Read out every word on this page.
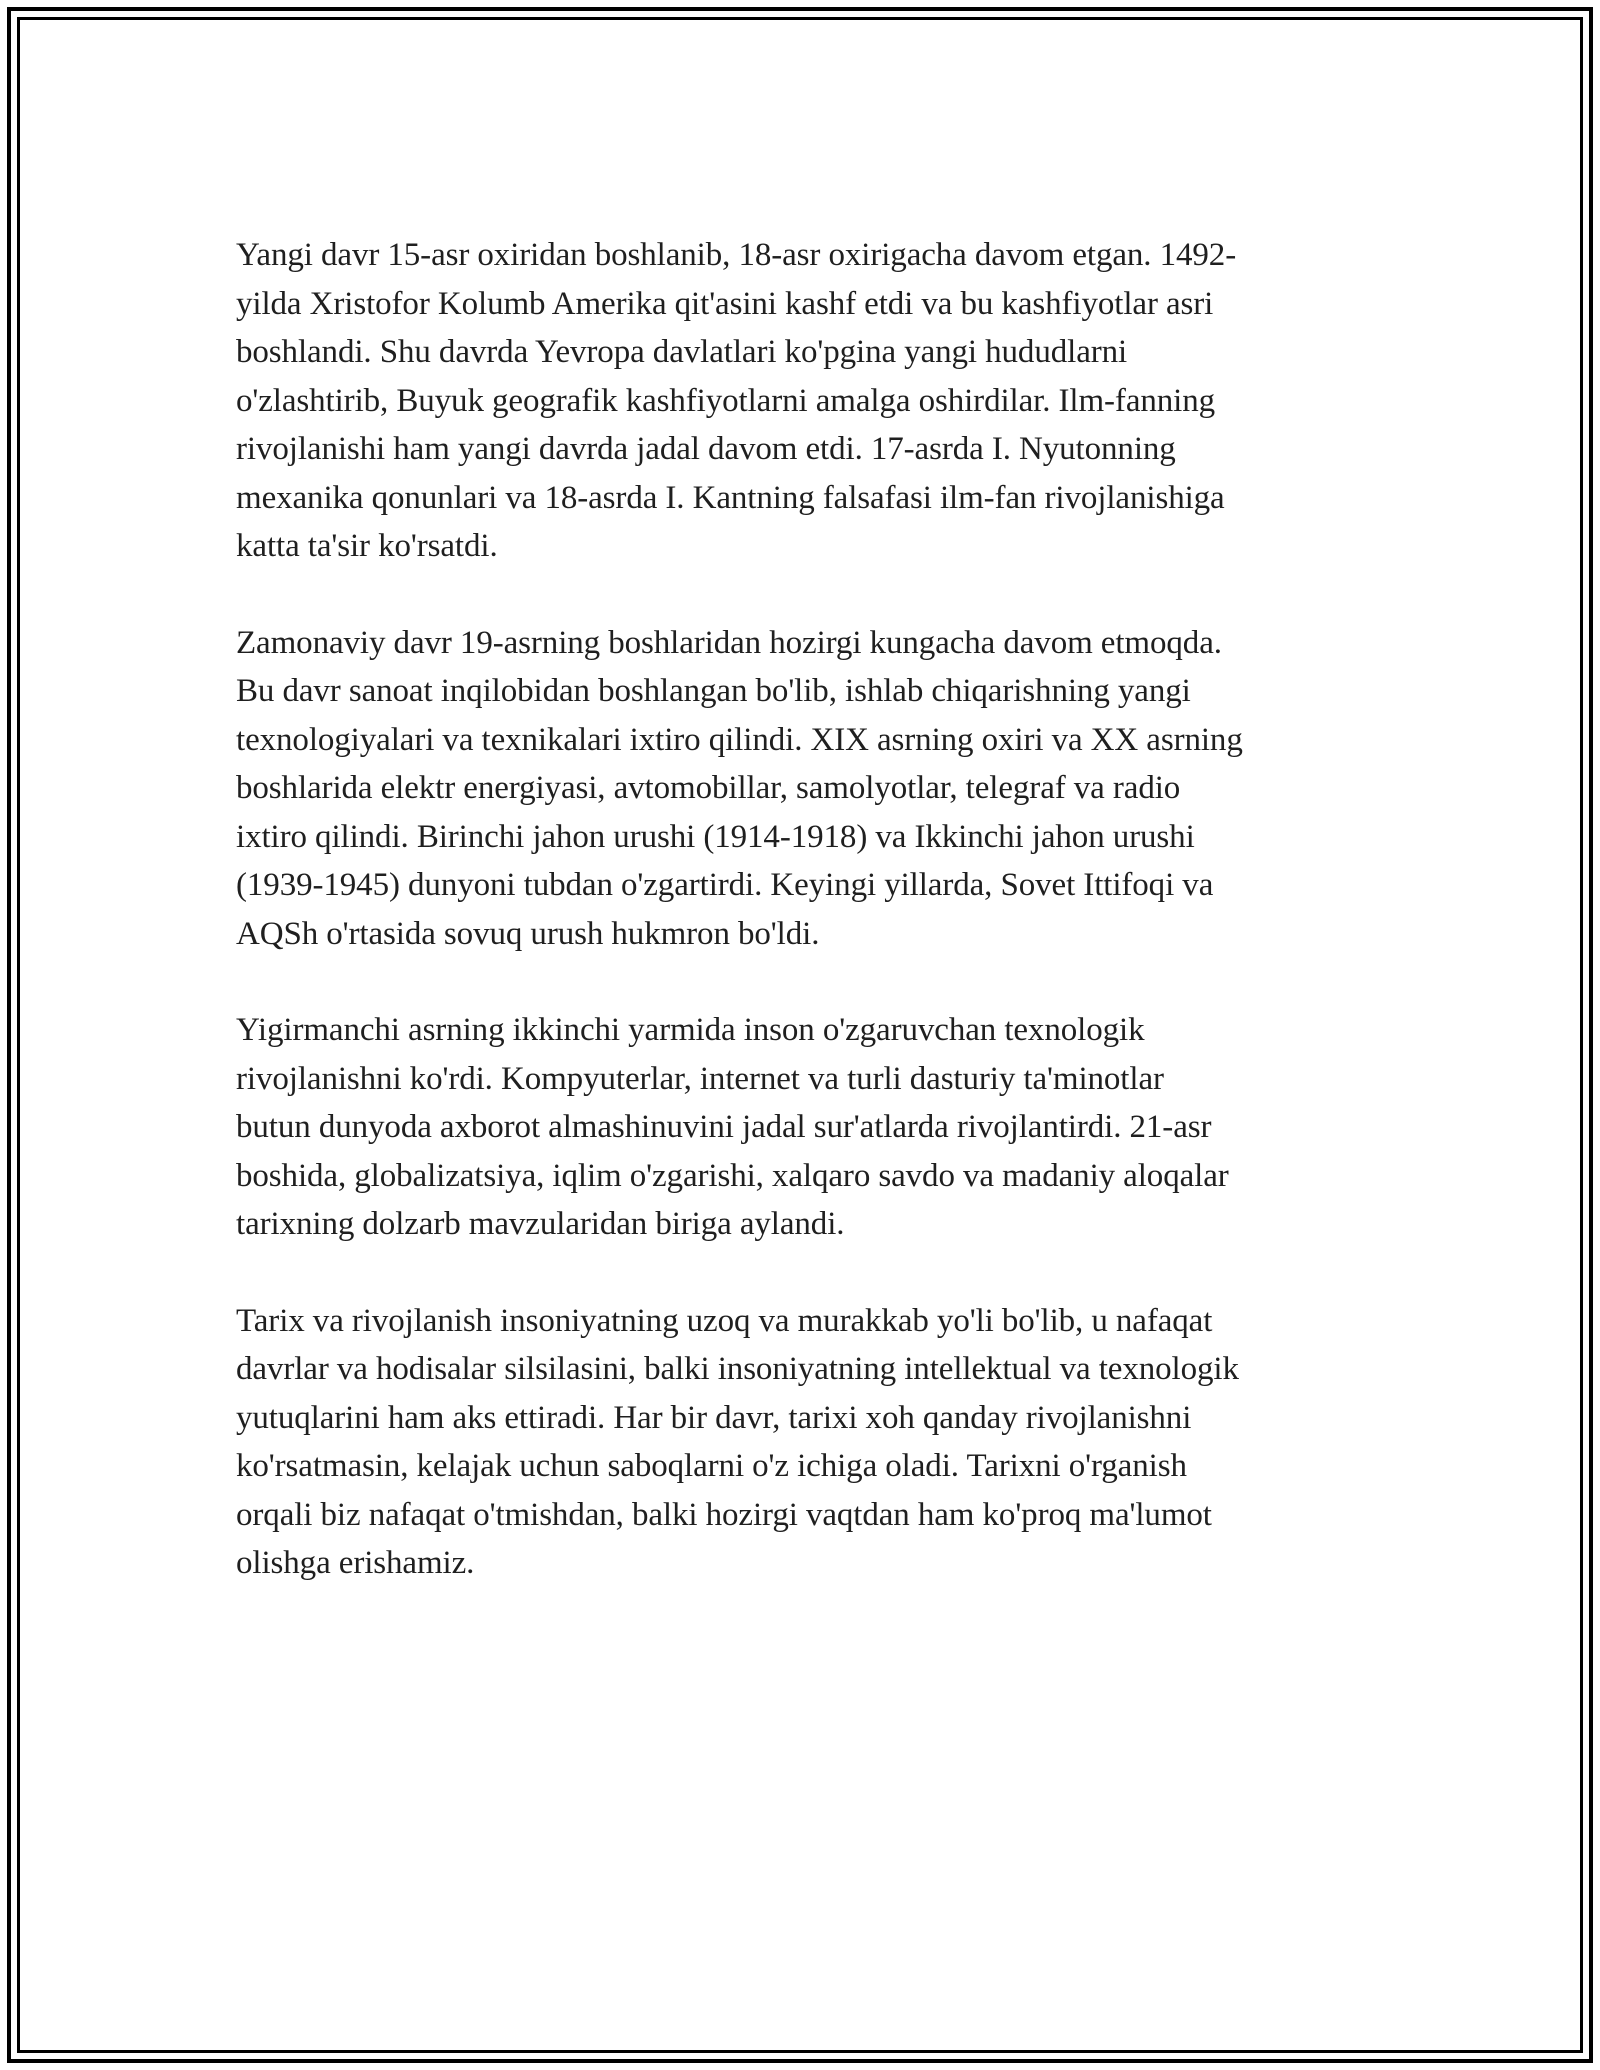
Yangi davr 15-asr oxiridan boshlanib, 18-asr oxirigacha davom etgan. 1492-
yilda Xristofor Kolumb Amerika qit'asini kashf etdi va bu kashfiyotlar asri
boshlandi. Shu davrda Yevropa davlatlari ko'pgina yangi hududlarni
o'zlashtirib, Buyuk geografik kashfiyotlarni amalga oshirdilar. Ilm-fanning
rivojlanishi ham yangi davrda jadal davom etdi. 17-asrda I. Nyutonning
mexanika qonunlari va 18-asrda I. Kantning falsafasi ilm-fan rivojlanishiga
katta ta'sir ko'rsatdi.

Zamonaviy davr 19-asrning boshlaridan hozirgi kungacha davom etmoqda.
Bu davr sanoat inqilobidan boshlangan bo'lib, ishlab chiqarishning yangi
texnologiyalari va texnikalari ixtiro qilindi. XIX asrning oxiri va XX asrning
boshlarida elektr energiyasi, avtomobillar, samolyotlar, telegraf va radio
ixtiro qilindi. Birinchi jahon urushi (1914-1918) va Ikkinchi jahon urushi
(1939-1945) dunyoni tubdan o'zgartirdi. Keyingi yillarda, Sovet Ittifoqi va
AQSh o'rtasida sovuq urush hukmron bo'ldi.

Yigirmanchi asrning ikkinchi yarmida inson o'zgaruvchan texnologik
rivojlanishni ko'rdi. Kompyuterlar, internet va turli dasturiy ta'minotlar
butun dunyoda axborot almashinuvini jadal sur'atlarda rivojlantirdi. 21-asr
boshida, globalizatsiya, iqlim o'zgarishi, xalqaro savdo va madaniy aloqalar
tarixning dolzarb mavzularidan biriga aylandi.

Tarix va rivojlanish insoniyatning uzoq va murakkab yo'li bo'lib, u nafaqat
davrlar va hodisalar silsilasini, balki insoniyatning intellektual va texnologik
yutuqlarini ham aks ettiradi. Har bir davr, tarixi xoh qanday rivojlanishni
ko'rsatmasin, kelajak uchun saboqlarni o'z ichiga oladi. Tarixni o'rganish
orqali biz nafaqat o'tmishdan, balki hozirgi vaqtdan ham ko'proq ma'lumot
olishga erishamiz.
